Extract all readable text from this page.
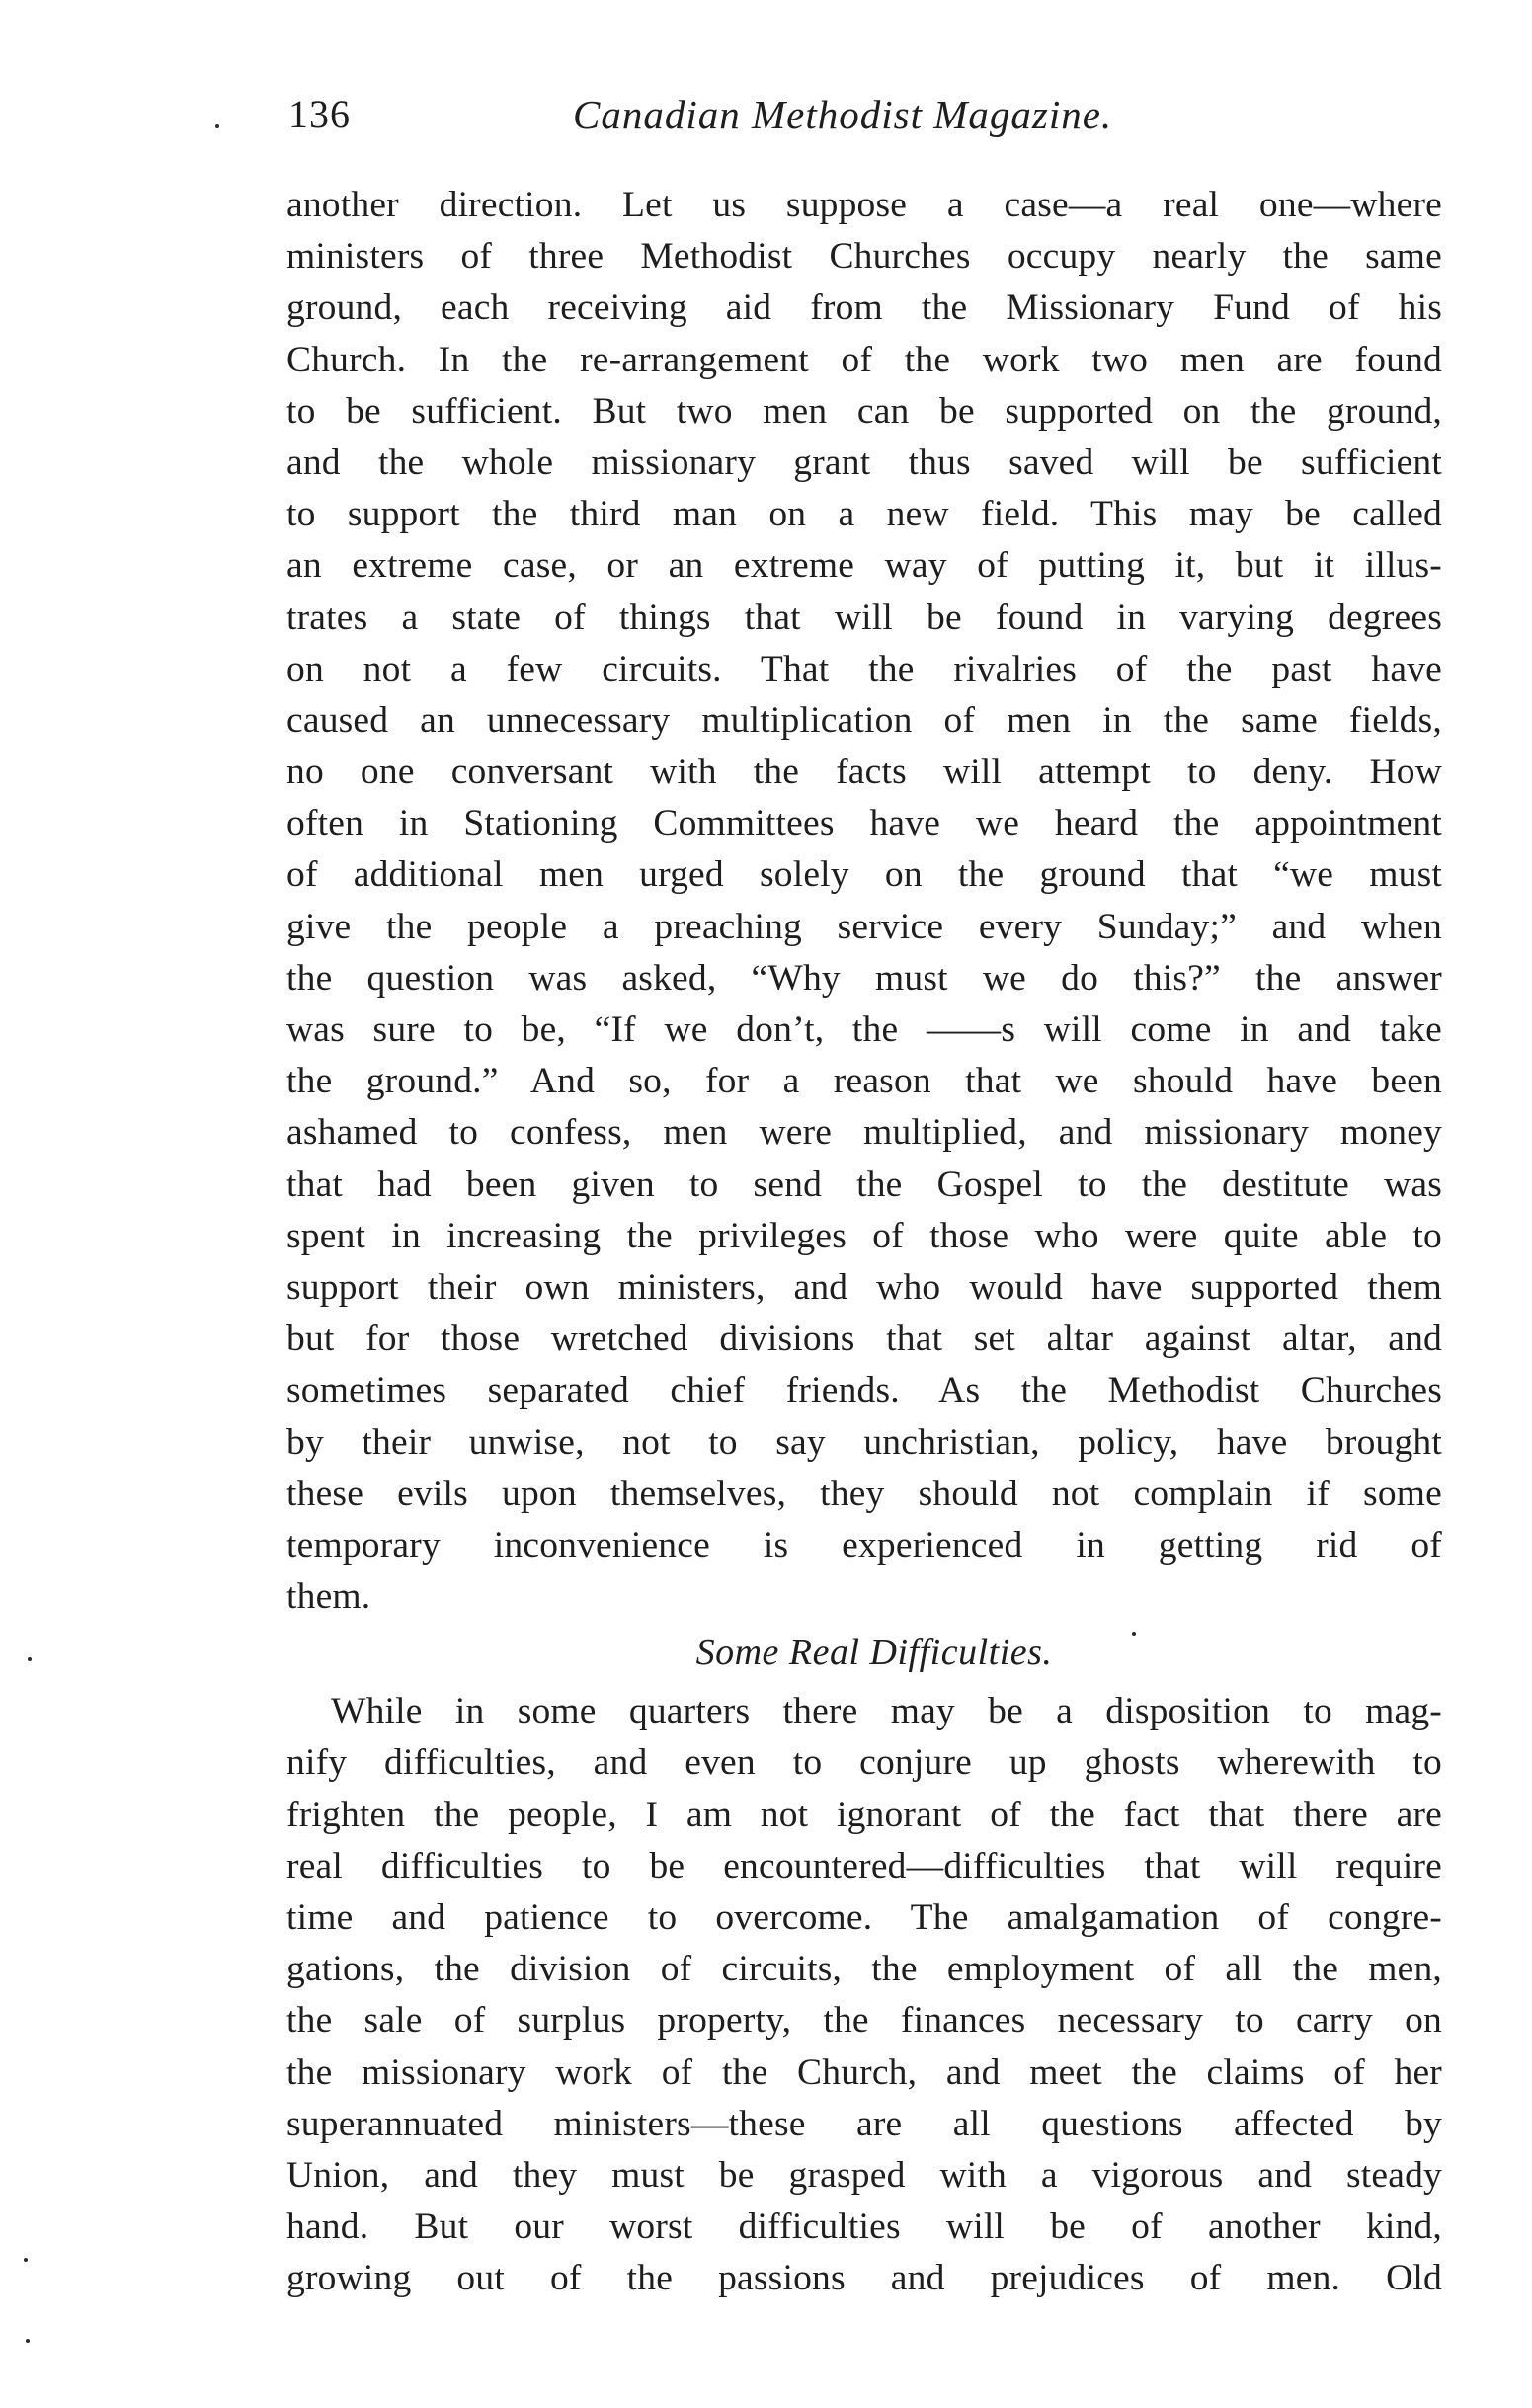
136	Canadian Methodist Magazine.
another direction. Let us suppose a case—a real one—where
ministers of three Methodist Churches occupy nearly the same
ground, each receiving aid from the Missionary Fund of his
Church. In the re-arrangement of the work two men are found
to be sufficient. But two men can be supported on the ground,
and the whole missionary grant thus saved will be sufficient
to support the third man on a new field. This may be called
an extreme case, or an extreme way of putting it, but it illus-
trates a state of things that will be found in varying degrees
on not a few circuits. That the rivalries of the past have
caused an unnecessary multiplication of men in the same fields,
no one conversant with the facts will attempt to deny. How
often in Stationing Committees have we heard the appointment
of additional men urged solely on the ground that “we must
give the people a preaching service every Sunday;” and when
the question was asked, “Why must we do this?” the answer
was sure to be, “If we don’t, the ——s will come in and take
the ground.” And so, for a reason that we should have been
ashamed to confess, men were multiplied, and missionary money
that had been given to send the Gospel to the destitute was
spent in increasing the privileges of those who were quite able to
support their own ministers, and who would have supported them
but for those wretched divisions that set altar against altar, and
sometimes separated chief friends. As the Methodist Churches
by their unwise, not to say unchristian, policy, have brought
these evils upon themselves, they should not complain if some
temporary inconvenience is experienced in getting rid of
them.
Some Real Difficulties.
While in some quarters there may be a disposition to mag-
nify difficulties, and even to conjure up ghosts wherewith to
frighten the people, I am not ignorant of the fact that there are
real difficulties to be encountered—difficulties that will require
time and patience to overcome. The amalgamation of congre-
gations, the division of circuits, the employment of all the men,
the sale of surplus property, the finances necessary to carry on
the missionary work of the Church, and meet the claims of her
superannuated ministers—these are all questions affected by
Union, and they must be grasped with a vigorous and steady
hand. But our worst difficulties will be of another kind,
growing out of the passions and prejudices of men. Old
